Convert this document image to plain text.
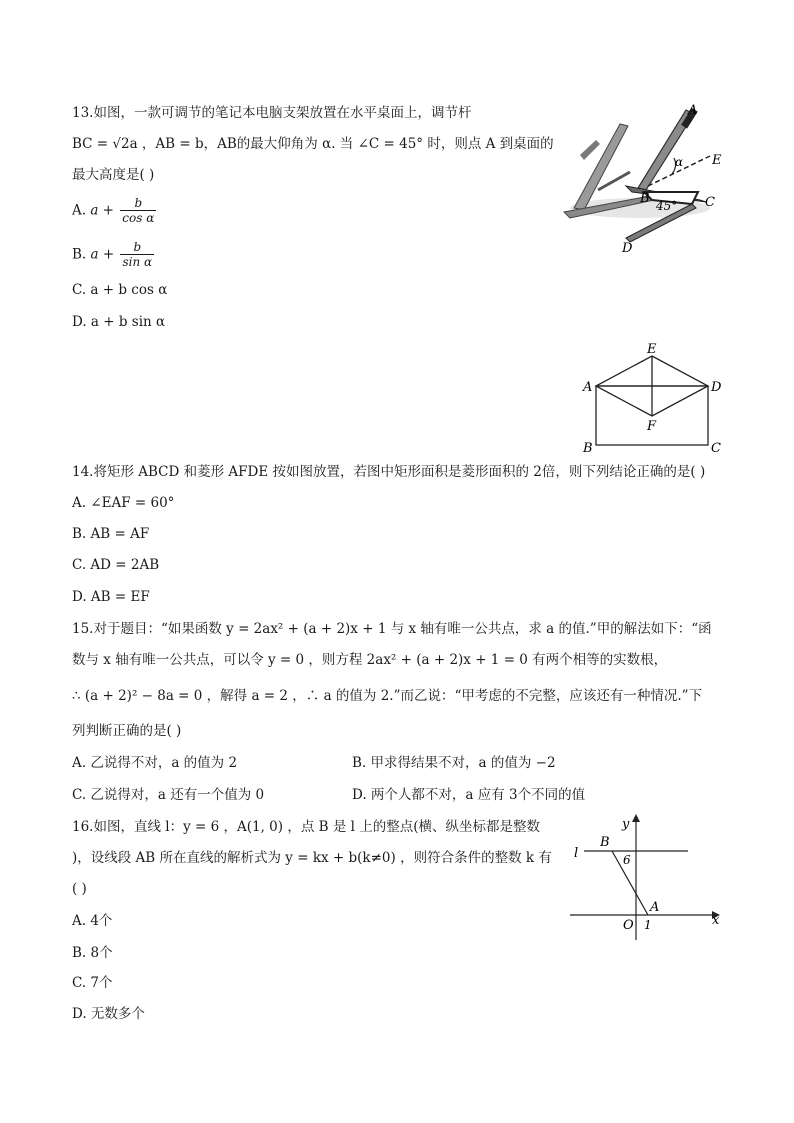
13.如图，一款可调节的笔记本电脑支架放置在水平桌面上，调节杆
BC = √2a ，AB = b，AB的最大仰角为 α. 当 ∠C = 45° 时，则点 A 到桌面的
最大高度是( )
A. $a + \frac{b}{\text{cos α}}$
B. $a + \frac{b}{\text{sin α}}$
C. a + b cos α
D. a + b sin α
A
E
α
B 45° C
D
E
A	D
F
B	C
14.将矩形 ABCD 和菱形 AFDE 按如图放置，若图中矩形面积是菱形面积的 2倍，则下列结论正确的是( )
A. ∠EAF = 60°
B. AB = AF
C. AD = 2AB
D. AB = EF
15.对于题目：“如果函数 y = 2ax² + (a + 2)x + 1 与 x 轴有唯一公共点，求 a 的值.”甲的解法如下：“函
数与 x 轴有唯一公共点，可以令 y = 0 ，则方程 2ax² + (a + 2)x + 1 = 0 有两个相等的实数根，
∴ (a + 2)² − 8a = 0 ，解得 a = 2 ，∴ a 的值为 2.”而乙说：“甲考虑的不完整，应该还有一种情况.”下
列判断正确的是( )
A. 乙说得不对，a 的值为 2	B. 甲求得结果不对，a 的值为 −2
C. 乙说得对，a 还有一个值为 0	D. 两个人都不对，a 应有 3个不同的值
16.如图，直线 l：y = 6 ，A(1, 0) ，点 B 是 l 上的整点(横、纵坐标都是整数
)，设线段 AB 所在直线的解析式为 y = kx + b(k≠0) ，则符合条件的整数 k 有
( )
A. 4个
B. 8个
C. 7个
D. 无数多个
y
l
B
6
A
O 1	x
